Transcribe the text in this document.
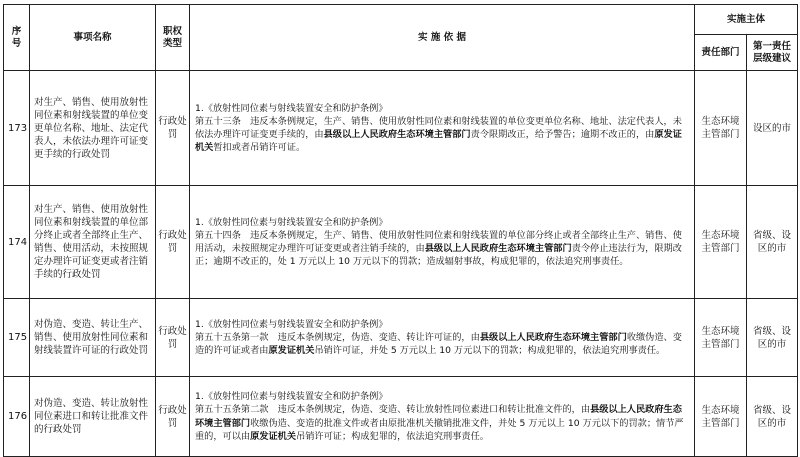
序号	事项名称	职权类型	实 施 依 据	实施主体	
				责任部门	第一责任层级建议
173	对生产、销售、使用放射性同位素和射线装置的单位变更单位名称、地址、法定代表人，未依法办理许可证变更手续的行政处罚	行政处罚	1.《放射性同位素与射线装置安全和防护条例》
第五十三条　违反本条例规定，生产、销售、使用放射性同位素和射线装置的单位变更单位名称、地址、法定代表人，未依法办理许可证变更手续的，由县级以上人民政府生态环境主管部门责令限期改正，给予警告；逾期不改正的，由原发证机关暂扣或者吊销许可证。	生态环境主管部门	设区的市
174	对生产、销售、使用放射性同位素和射线装置的单位部分终止或者全部终止生产、销售、使用活动，未按照规定办理许可证变更或者注销手续的行政处罚	行政处罚	1.《放射性同位素与射线装置安全和防护条例》
第五十四条　违反本条例规定，生产、销售、使用放射性同位素和射线装置的单位部分终止或者全部终止生产、销售、使用活动，未按照规定办理许可证变更或者注销手续的，由县级以上人民政府生态环境主管部门责令停止违法行为，限期改正；逾期不改正的，处 1 万元以上 10 万元以下的罚款；造成辐射事故，构成犯罪的，依法追究刑事责任。	生态环境主管部门	省级、设区的市
175	对伪造、变造、转让生产、销售、使用放射性同位素和射线装置许可证的行政处罚	行政处罚	1.《放射性同位素与射线装置安全和防护条例》
第五十五条第一款　违反本条例规定，伪造、变造、转让许可证的，由县级以上人民政府生态环境主管部门收缴伪造、变造的许可证或者由原发证机关吊销许可证，并处 5 万元以上 10 万元以下的罚款；构成犯罪的，依法追究刑事责任。	生态环境主管部门	省级、设区的市
176	对伪造、变造、转让放射性同位素进口和转让批准文件的行政处罚	行政处罚	1.《放射性同位素与射线装置安全和防护条例》
第五十五条第二款　违反本条例规定，伪造、变造、转让放射性同位素进口和转让批准文件的，由县级以上人民政府生态环境主管部门收缴伪造、变造的批准文件或者由原批准机关撤销批准文件，并处 5 万元以上 10 万元以下的罚款；情节严重的，可以由原发证机关吊销许可证；构成犯罪的，依法追究刑事责任。	生态环境主管部门	省级、设区的市
